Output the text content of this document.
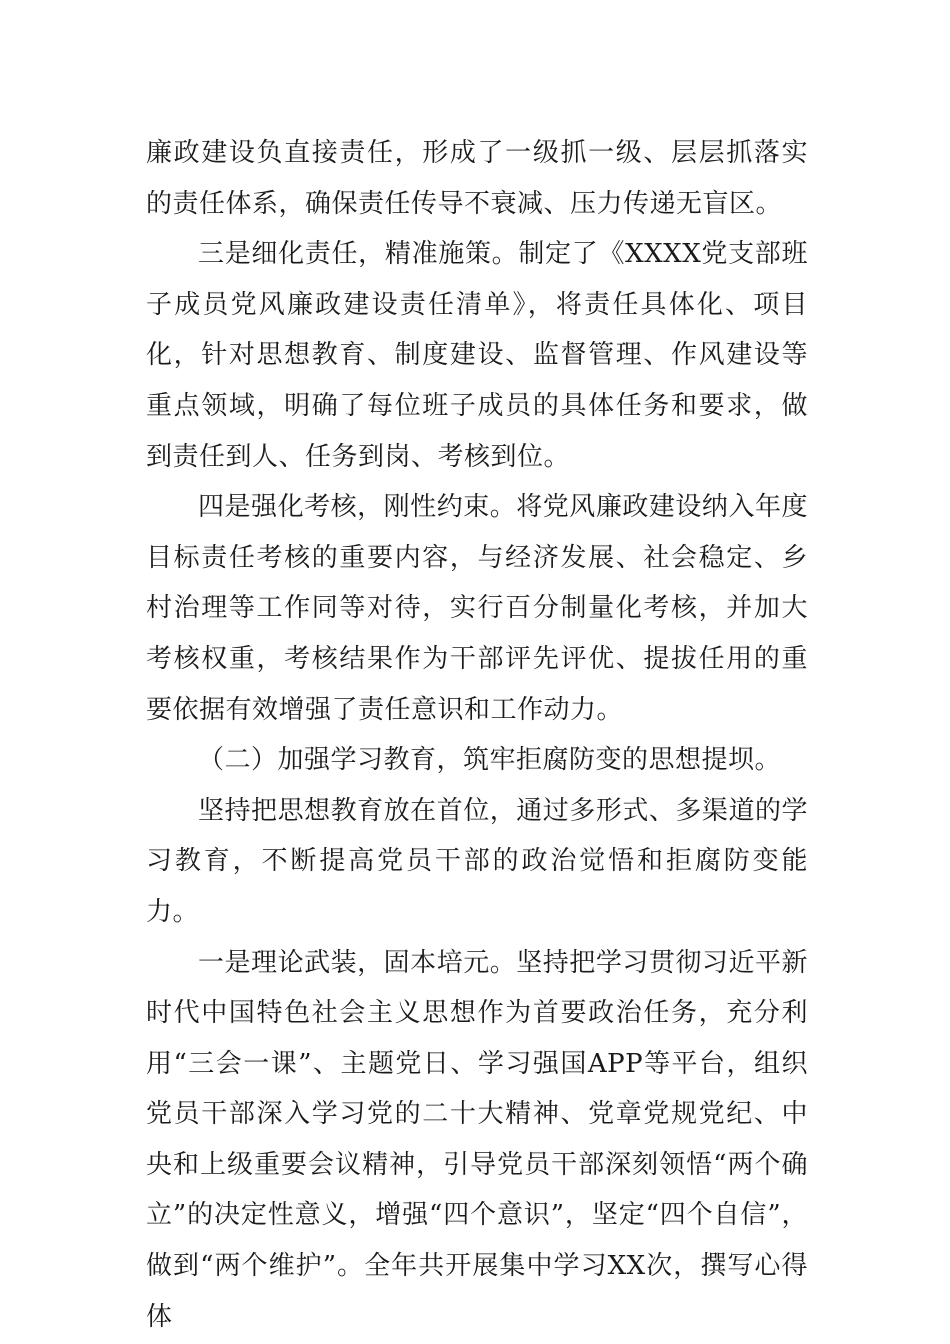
廉政建设负直接责任，形成了一级抓一级、层层抓落实的责任体系，确保责任传导不衰减、压力传递无盲区。

三是细化责任，精准施策。制定了《XXXX党支部班子成员党风廉政建设责任清单》，将责任具体化、项目化，针对思想教育、制度建设、监督管理、作风建设等重点领域，明确了每位班子成员的具体任务和要求，做到责任到人、任务到岗、考核到位。

四是强化考核，刚性约束。将党风廉政建设纳入年度目标责任考核的重要内容，与经济发展、社会稳定、乡村治理等工作同等对待，实行百分制量化考核，并加大考核权重，考核结果作为干部评先评优、提拔任用的重要依据有效增强了责任意识和工作动力。

（二）加强学习教育，筑牢拒腐防变的思想提坝。

坚持把思想教育放在首位，通过多形式、多渠道的学习教育，不断提高党员干部的政治觉悟和拒腐防变能力。

一是理论武装，固本培元。坚持把学习贯彻习近平新时代中国特色社会主义思想作为首要政治任务，充分利用“三会一课”、主题党日、学习强国APP等平台，组织党员干部深入学习党的二十大精神、党章党规党纪、中央和上级重要会议精神，引导党员干部深刻领悟“两个确立”的决定性意义，增强“四个意识”，坚定“四个自信”，做到“两个维护”。全年共开展集中学习XX次，撰写心得体
